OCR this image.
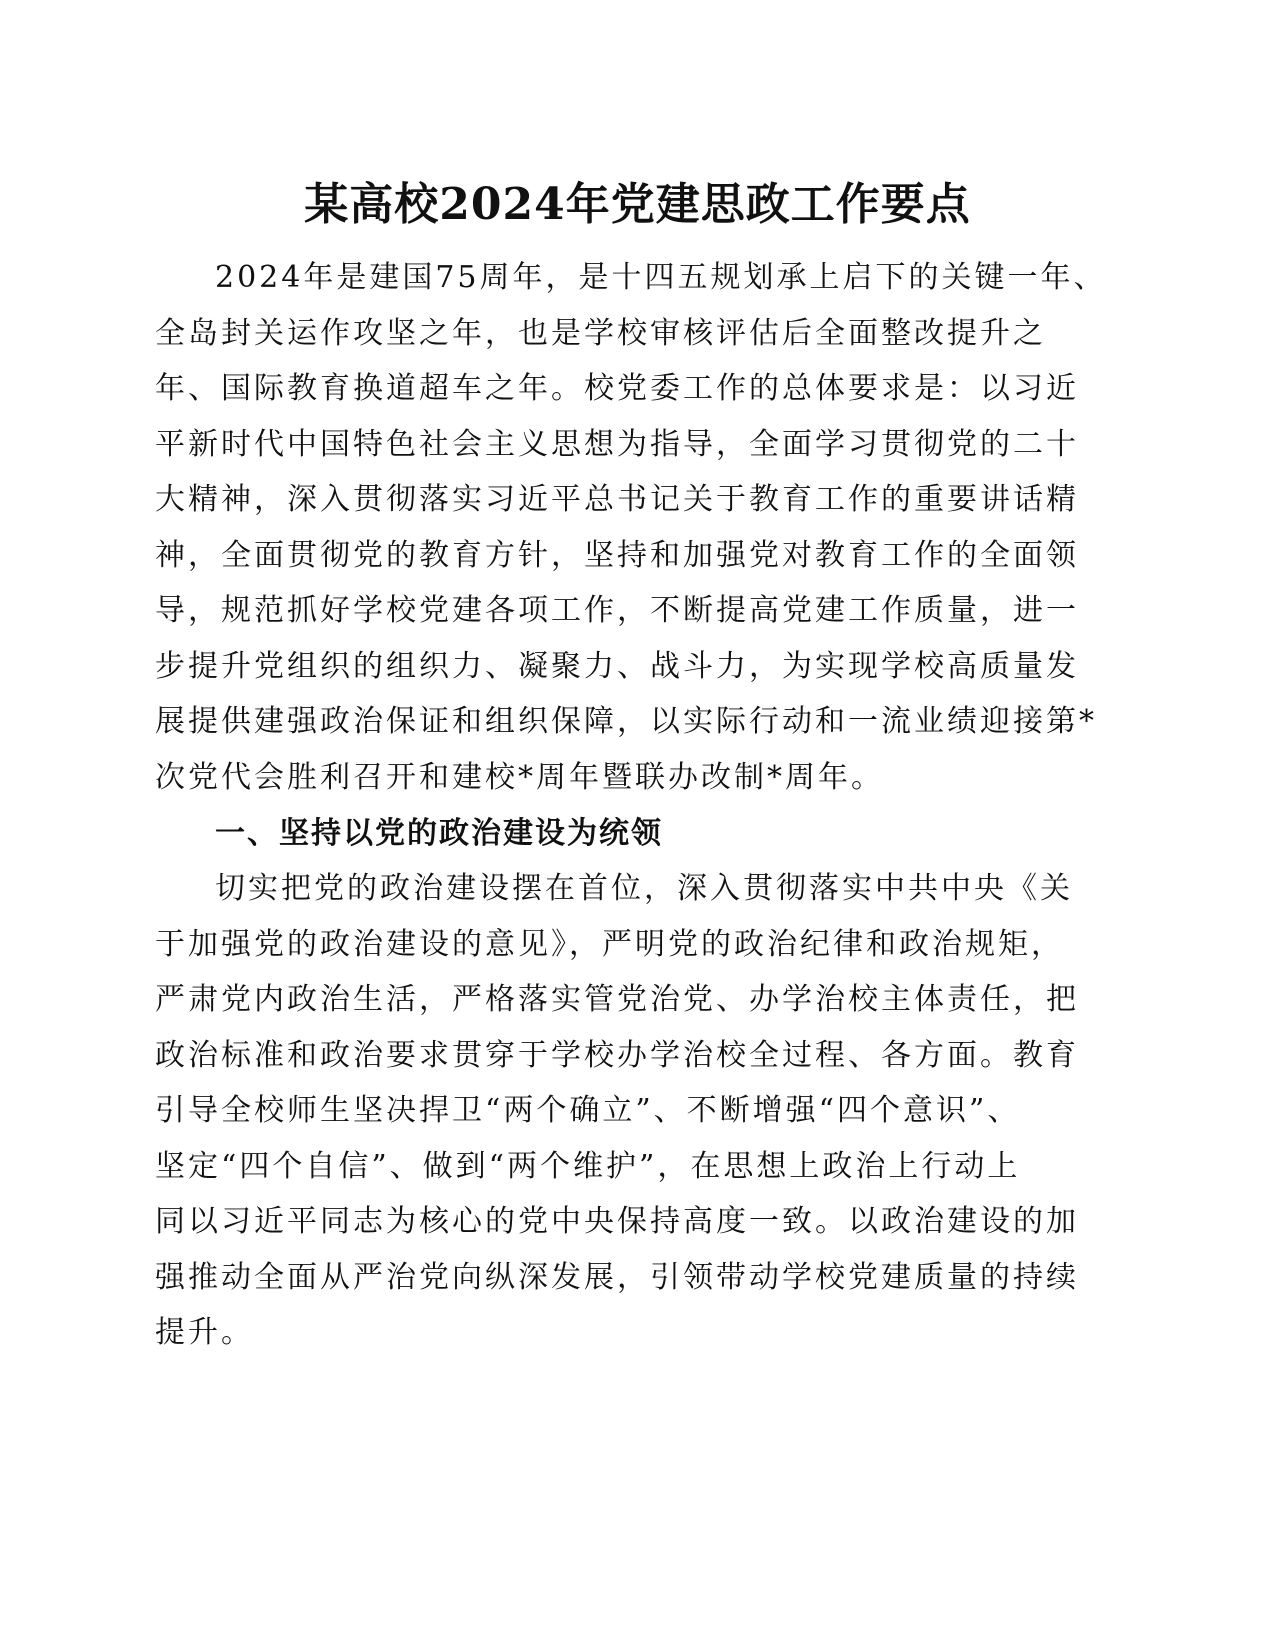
某高校2024年党建思政工作要点

2024年是建国75周年，是十四五规划承上启下的关键一年、

全岛封关运作攻坚之年，也是学校审核评估后全面整改提升之

年、国际教育换道超车之年。校党委工作的总体要求是：以习近

平新时代中国特色社会主义思想为指导，全面学习贯彻党的二十

大精神，深入贯彻落实习近平总书记关于教育工作的重要讲话精

神，全面贯彻党的教育方针，坚持和加强党对教育工作的全面领

导，规范抓好学校党建各项工作，不断提高党建工作质量，进一

步提升党组织的组织力、凝聚力、战斗力，为实现学校高质量发

展提供建强政治保证和组织保障，以实际行动和一流业绩迎接第*

次党代会胜利召开和建校*周年暨联办改制*周年。

一、坚持以党的政治建设为统领

切实把党的政治建设摆在首位，深入贯彻落实中共中央《关

于加强党的政治建设的意见》，严明党的政治纪律和政治规矩，

严肃党内政治生活，严格落实管党治党、办学治校主体责任，把

政治标准和政治要求贯穿于学校办学治校全过程、各方面。教育

引导全校师生坚决捍卫“两个确立”、不断增强“四个意识”、

坚定“四个自信”、做到“两个维护”，在思想上政治上行动上

同以习近平同志为核心的党中央保持高度一致。以政治建设的加

强推动全面从严治党向纵深发展，引领带动学校党建质量的持续

提升。
